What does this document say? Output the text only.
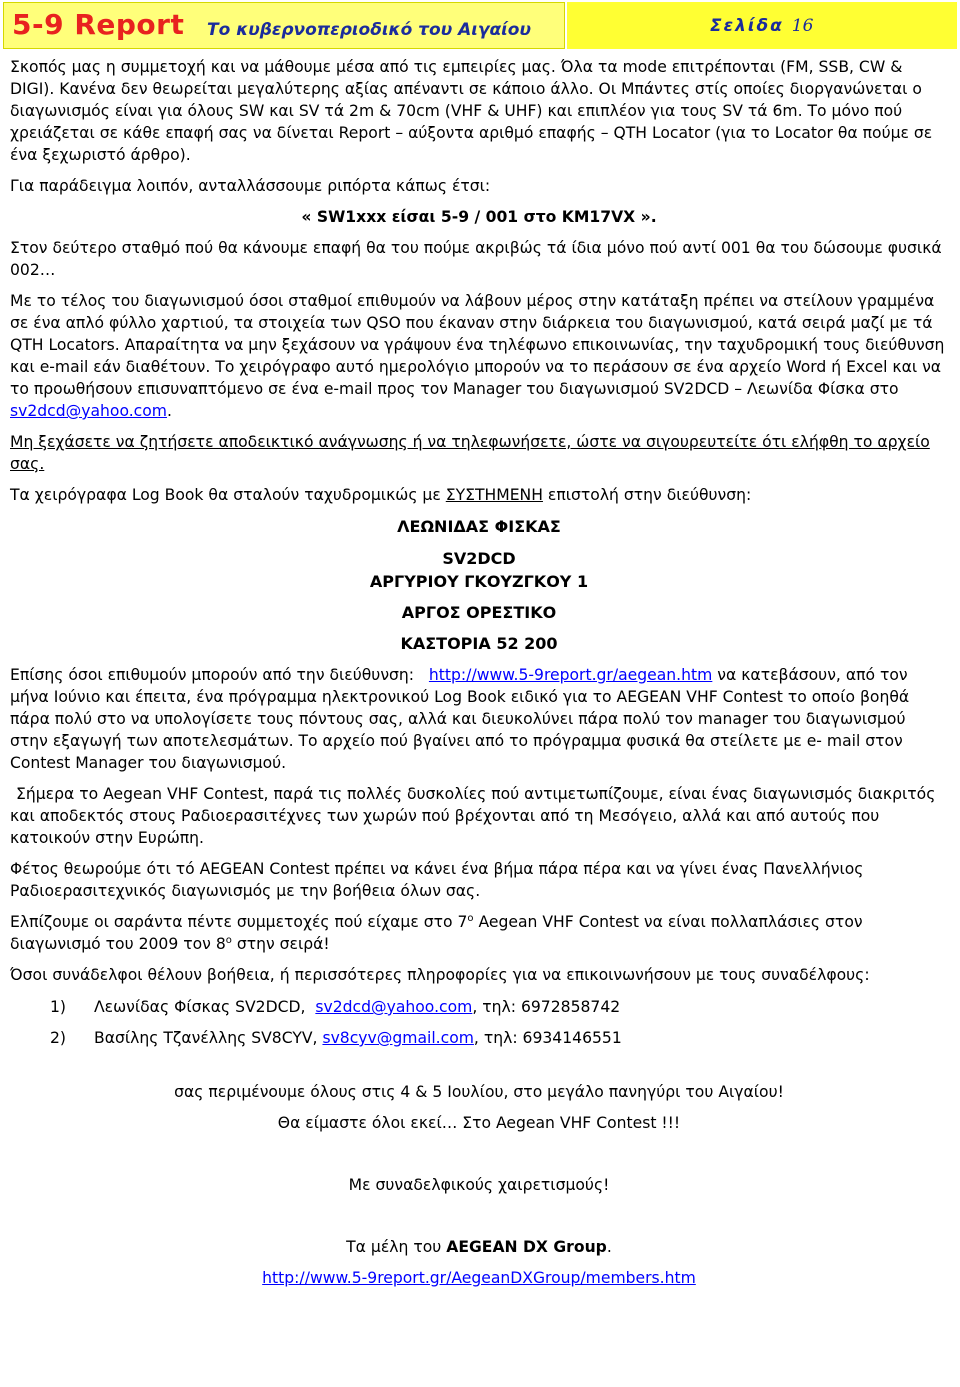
5-9 Report Το κυβερνοπεριοδικό του Αιγαίου	Σελίδα 16

Σκοπός μας η συμμετοχή και να μάθουμε μέσα από τις εμπειρίες μας. Όλα τα mode επιτρέπονται (FM, SSB, CW & DIGI). Κανένα δεν θεωρείται μεγαλύτερης αξίας απέναντι σε κάποιο άλλο. Οι Μπάντες στίς οποίες διοργανώνεται ο διαγωνισμός είναι για όλους SW και SV τά 2m & 70cm (VHF & UHF) και επιπλέον για τους SV τά 6m. Το μόνο πού χρειάζεται σε κάθε επαφή σας να δίνεται Report – αύξοντα αριθμό επαφής – QTH Locator (για το Locator θα πούμε σε ένα ξεχωριστό άρθρο).

Για παράδειγμα λοιπόν, ανταλλάσσουμε ριπόρτα κάπως έτσι:

« SW1xxx είσαι 5-9 / 001 στο KM17VX ».

Στον δεύτερο σταθμό πού θα κάνουμε επαφή θα του πούμε ακριβώς τά ίδια μόνο πού αντί 001 θα του δώσουμε φυσικά 002…

Με το τέλος του διαγωνισμού όσοι σταθμοί επιθυμούν να λάβουν μέρος στην κατάταξη πρέπει να στείλουν γραμμένα σε ένα απλό φύλλο χαρτιού, τα στοιχεία των QSO που έκαναν στην διάρκεια του διαγωνισμού, κατά σειρά μαζί με τά QTH Locators. Απαραίτητα να μην ξεχάσουν να γράψουν ένα τηλέφωνο επικοινωνίας, την ταχυδρομική τους διεύθυνση και e-mail εάν διαθέτουν. Το χειρόγραφο αυτό ημερολόγιο μπορούν να το περάσουν σε ένα αρχείο Word ή Excel και να το προωθήσουν επισυναπτόμενο σε ένα e-mail προς τον Manager του διαγωνισμού SV2DCD – Λεωνίδα Φίσκα στο sv2dcd@yahoo.com.

Μη ξεχάσετε να ζητήσετε αποδεικτικό ανάγνωσης ή να τηλεφωνήσετε, ώστε να σιγουρευτείτε ότι ελήφθη το αρχείο σας.

Τα χειρόγραφα Log Book θα σταλούν ταχυδρομικώς με ΣΥΣΤΗΜΕΝΗ επιστολή στην διεύθυνση:

ΛΕΩΝΙΔΑΣ ΦΙΣΚΑΣ

SV2DCD

ΑΡΓΥΡΙΟΥ ΓΚΟΥΖΓΚΟΥ 1

ΑΡΓΟΣ ΟΡΕΣΤΙΚΟ

ΚΑΣΤΟΡΙΑ 52 200

Επίσης όσοι επιθυμούν μπορούν από την διεύθυνση: http://www.5-9report.gr/aegean.htm να κατεβάσουν, από τον μήνα Ιούνιο και έπειτα, ένα πρόγραμμα ηλεκτρονικού Log Book ειδικό για το AEGEAN VHF Contest το οποίο βοηθά πάρα πολύ στο να υπολογίσετε τους πόντους σας, αλλά και διευκολύνει πάρα πολύ τον manager του διαγωνισμού στην εξαγωγή των αποτελεσμάτων. Το αρχείο πού βγαίνει από το πρόγραμμα φυσικά θα στείλετε με e- mail στον Contest Manager του διαγωνισμού.

Σήμερα το Aegean VHF Contest, παρά τις πολλές δυσκολίες πού αντιμετωπίζουμε, είναι ένας διαγωνισμός διακριτός και αποδεκτός στους Ραδιοερασιτέχνες των χωρών πού βρέχονται από τη Μεσόγειο, αλλά και από αυτούς που κατοικούν στην Ευρώπη.

Φέτος θεωρούμε ότι τό AEGEAN Contest πρέπει να κάνει ένα βήμα πάρα πέρα και να γίνει ένας Πανελλήνιος Ραδιοερασιτεχνικός διαγωνισμός με την βοήθεια όλων σας.

Ελπίζουμε οι σαράντα πέντε συμμετοχές πού είχαμε στο $7^o$ Aegean VHF Contest να είναι πολλαπλάσιες στον διαγωνισμό του 2009 τον $8^o$ στην σειρά!

Όσοι συνάδελφοι θέλουν βοήθεια, ή περισσότερες πληροφορίες για να επικοινωνήσουν με τους συναδέλφους:

1)	Λεωνίδας Φίσκας SV2DCD,
sv2dcd@yahoo.com , τηλ: 6972858742

2)	Βασίλης Τζανέλλης SV8CYV,
sv8cyv@gmail.com , τηλ: 6934146551

σας περιμένουμε όλους στις 4 & 5 Ιουλίου, στο μεγάλο πανηγύρι του Αιγαίου!

Θα είμαστε όλοι εκεί… Στο Aegean VHF Contest !!!

Με συναδελφικούς χαιρετισμούς!

Τα μέλη του AEGEAN DX Group.

http://www.5-9report.gr/AegeanDXGroup/members.htm
